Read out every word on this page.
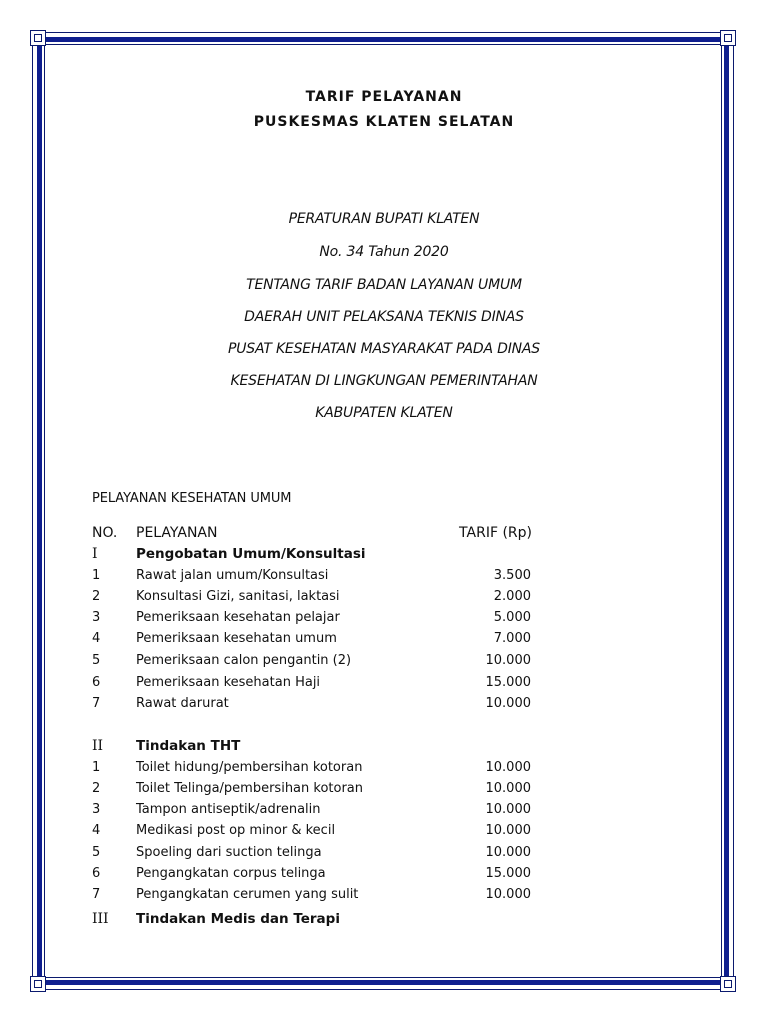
TARIF PELAYANAN
PUSKESMAS KLATEN SELATAN
PERATURAN BUPATI KLATEN
No. 34 Tahun 2020
TENTANG TARIF BADAN LAYANAN UMUM
DAERAH UNIT PELAKSANA TEKNIS DINAS
PUSAT KESEHATAN MASYARAKAT PADA DINAS
KESEHATAN DI LINGKUNGAN PEMERINTAHAN
KABUPATEN KLATEN
PELAYANAN KESEHATAN UMUM
NO. PELAYANAN	TARIF (Rp)
I	Pengobatan Umum/Konsultasi
1	Rawat jalan umum/Konsultasi	3.500
2	Konsultasi Gizi, sanitasi, laktasi	2.000
3	Pemeriksaan kesehatan pelajar	5.000
4	Pemeriksaan kesehatan umum	7.000
5	Pemeriksaan calon pengantin (2)	10.000
6	Pemeriksaan kesehatan Haji	15.000
7	Rawat darurat	10.000
II Tindakan THT
1	Toilet hidung/pembersihan kotoran	10.000
2	Toilet Telinga/pembersihan kotoran	10.000
3	Tampon antiseptik/adrenalin	10.000
4	Medikasi post op minor & kecil	10.000
5	Spoeling dari suction telinga	10.000
6	Pengangkatan corpus telinga	15.000
7	Pengangkatan cerumen yang sulit	10.000
III Tindakan Medis dan Terapi
